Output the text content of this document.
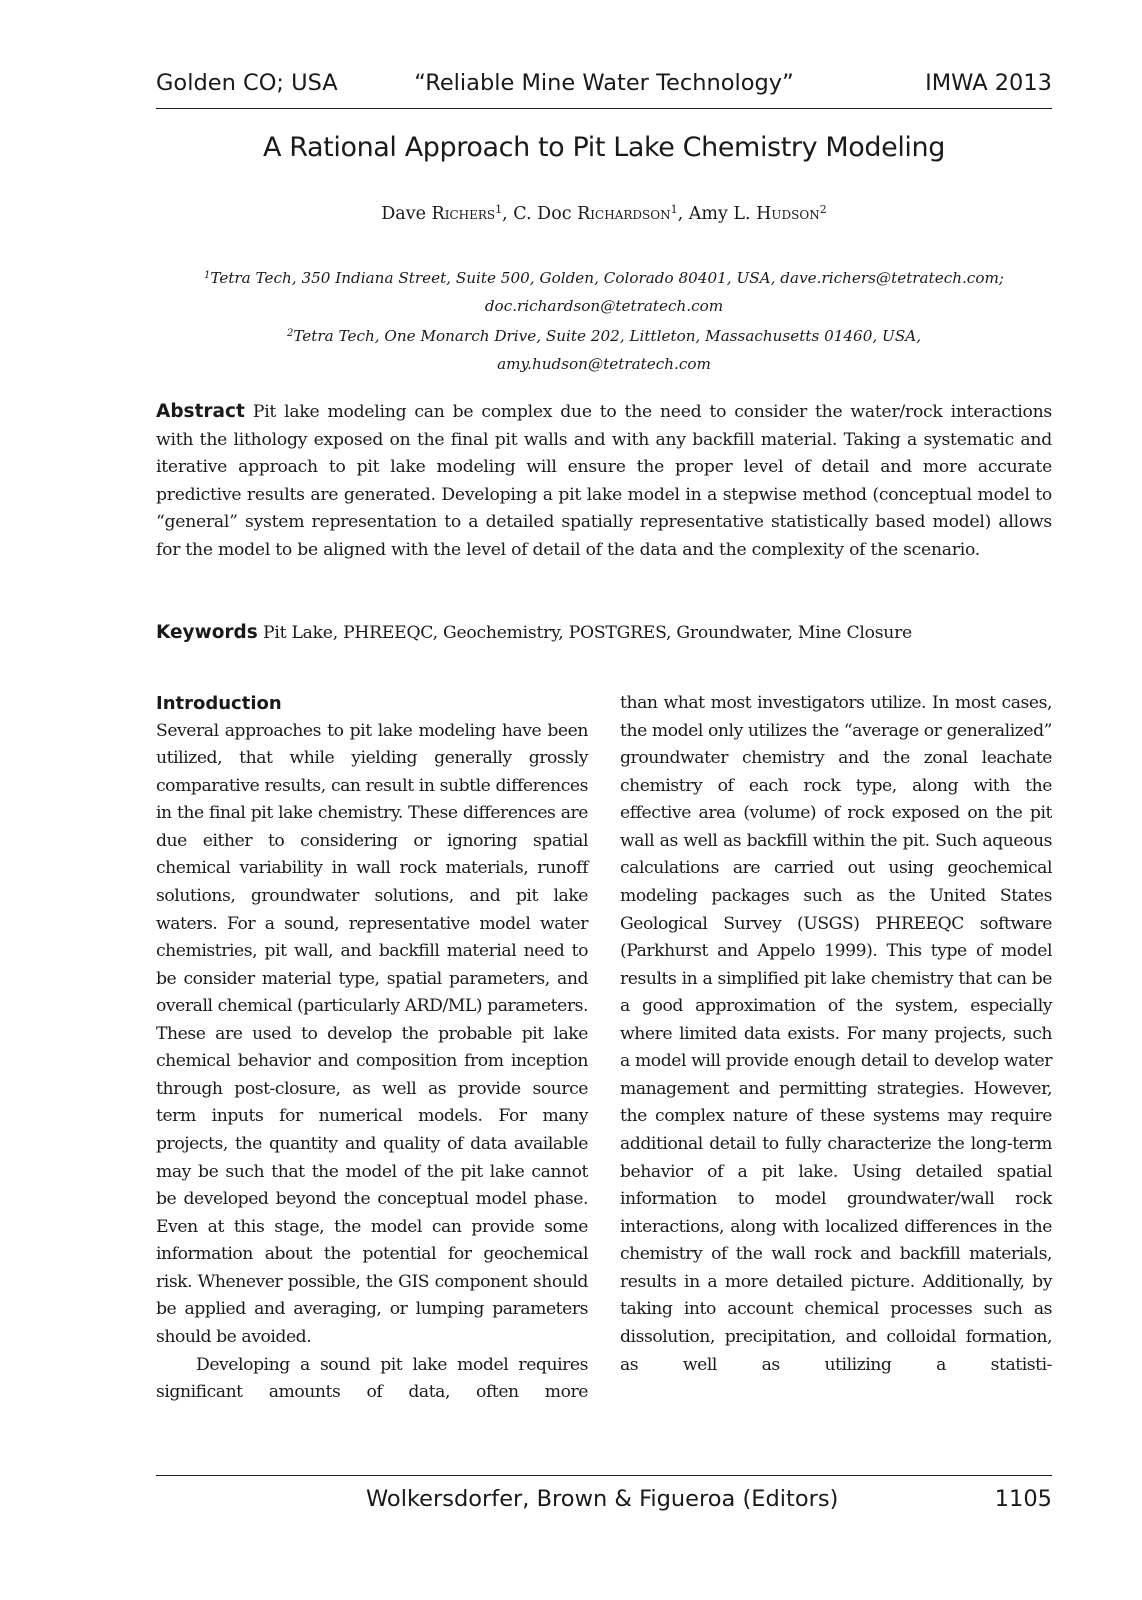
Golden CO; USA	“Reliable Mine Water Technology”	IMWA 2013
A Rational Approach to Pit Lake Chemistry Modeling
Dave Richers$^1$, C. Doc Richardson$^1$, Amy L. Hudson$^2$
$^1$Tetra Tech, 350 Indiana Street, Suite 500, Golden, Colorado 80401, USA, dave.richers@tetratech.com;
doc.richardson@tetratech.com
$^2$Tetra Tech, One Monarch Drive, Suite 202, Littleton, Massachusetts 01460, USA,
amy.hudson@tetratech.com
Abstract Pit lake modeling can be complex due to the need to consider the water/rock interactions with the lithology exposed on the final pit walls and with any backfill material. Taking a systematic and iterative approach to pit lake modeling will ensure the proper level of detail and more accurate predictive results are generated. Developing a pit lake model in a stepwise method (conceptual model to “general” system representation to a detailed spatially representative statistically based model) allows for the model to be aligned with the level of detail of the data and the complexity of the scenario.
Keywords Pit Lake, PHREEQC, Geochemistry, POSTGRES, Groundwater, Mine Closure
Introduction

Several approaches to pit lake modeling have been utilized, that while yielding generally grossly comparative results, can result in subtle differences in the final pit lake chemistry. These differences are due either to considering or ignoring spatial chemical variability in wall rock materials, runoff solutions, groundwater solutions, and pit lake waters. For a sound, representative model water chemistries, pit wall, and backfill material need to be consider material type, spatial parameters, and overall chemical (particularly ARD/ML) parameters. These are used to develop the probable pit lake chemical behavior and composition from inception through post-closure, as well as provide source term inputs for numerical models. For many projects, the quantity and quality of data available may be such that the model of the pit lake cannot be developed beyond the conceptual model phase. Even at this stage, the model can provide some information about the potential for geochemical risk. Whenever possible, the GIS component should be applied and averaging, or lumping parameters should be avoided.

Developing a sound pit lake model requires significant amounts of data, often more

than what most investigators utilize. In most cases, the model only utilizes the “average or generalized” groundwater chemistry and the zonal leachate chemistry of each rock type, along with the effective area (volume) of rock exposed on the pit wall as well as backfill within the pit. Such aqueous calculations are carried out using geochemical modeling packages such as the United States Geological Survey (USGS) PHREEQC software (Parkhurst and Appelo 1999). This type of model results in a simplified pit lake chemistry that can be a good approximation of the system, especially where limited data exists. For many projects, such a model will provide enough detail to develop water management and permitting strategies. However, the complex nature of these systems may require additional detail to fully characterize the long-term behavior of a pit lake. Using detailed spatial information to model groundwater/wall rock interactions, along with localized differences in the chemistry of the wall rock and backfill materials, results in a more detailed picture. Additionally, by taking into account chemical processes such as dissolution, precipitation, and colloidal formation, as well as utilizing a statisti-

Wolkersdorfer, Brown & Figueroa (Editors)	1105
